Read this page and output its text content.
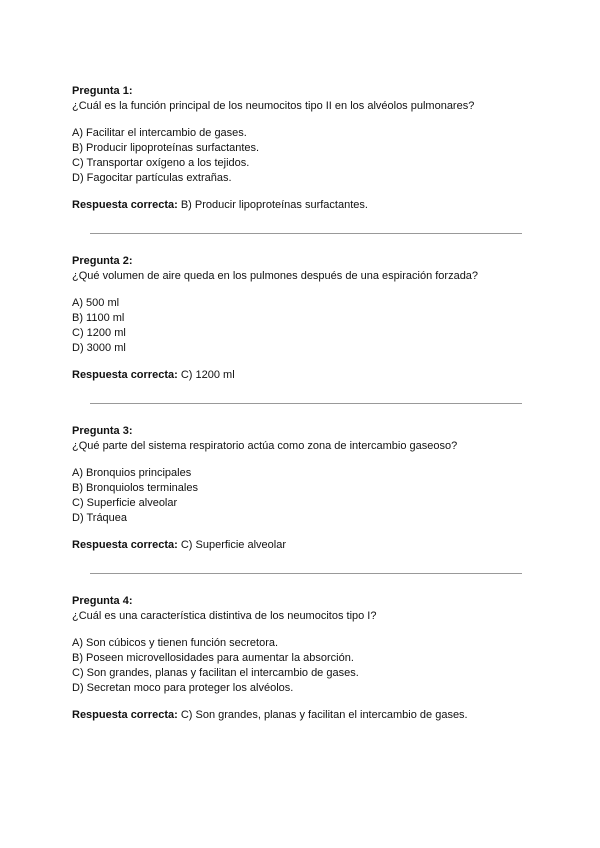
Pregunta 1:

¿Cuál es la función principal de los neumocitos tipo II en los alvéolos pulmonares?

A) Facilitar el intercambio de gases.
B) Producir lipoproteínas surfactantes.
C) Transportar oxígeno a los tejidos.
D) Fagocitar partículas extrañas.

Respuesta correcta: B) Producir lipoproteínas surfactantes.

Pregunta 2:

¿Qué volumen de aire queda en los pulmones después de una espiración forzada?

A) 500 ml
B) 1100 ml
C) 1200 ml
D) 3000 ml

Respuesta correcta: C) 1200 ml

Pregunta 3:

¿Qué parte del sistema respiratorio actúa como zona de intercambio gaseoso?

A) Bronquios principales
B) Bronquiolos terminales
C) Superficie alveolar
D) Tráquea

Respuesta correcta: C) Superficie alveolar

Pregunta 4:

¿Cuál es una característica distintiva de los neumocitos tipo I?

A) Son cúbicos y tienen función secretora.
B) Poseen microvellosidades para aumentar la absorción.
C) Son grandes, planas y facilitan el intercambio de gases.
D) Secretan moco para proteger los alvéolos.

Respuesta correcta: C) Son grandes, planas y facilitan el intercambio de gases.
